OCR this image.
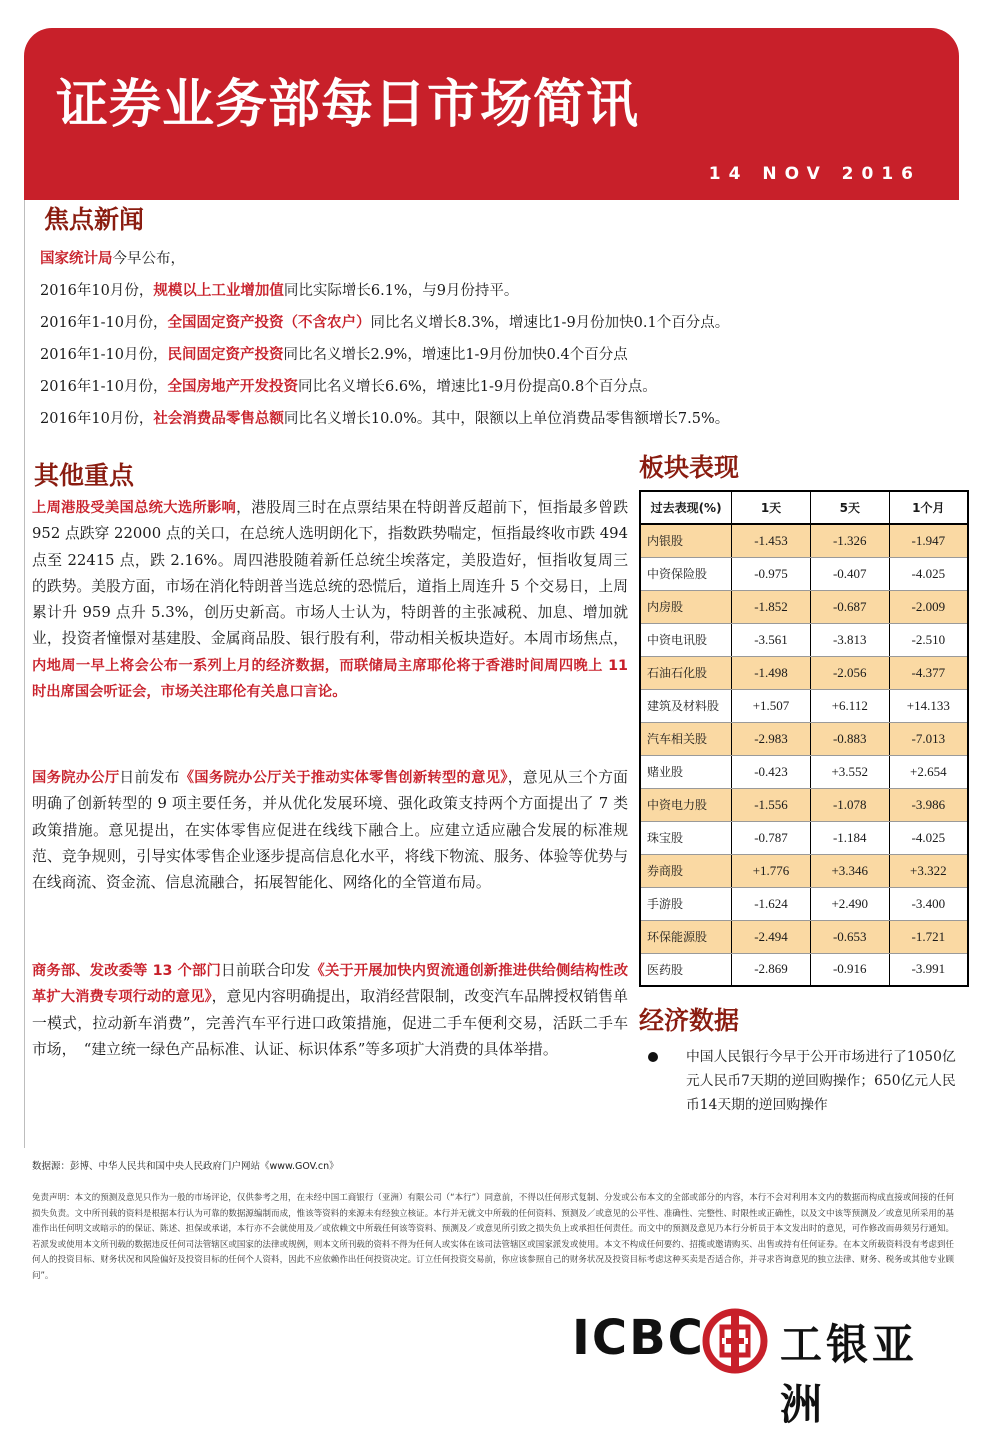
证券业务部每日市场简讯
14 NOV 2016
焦点新闻
国家统计局今早公布，
2016年10月份，规模以上工业增加值同比实际增长6.1%，与9月份持平。
2016年1-10月份，全国固定资产投资（不含农户）同比名义增长8.3%，增速比1-9月份加快0.1个百分点。
2016年1-10月份，民间固定资产投资同比名义增长2.9%，增速比1-9月份加快0.4个百分点
2016年1-10月份，全国房地产开发投资同比名义增长6.6%，增速比1-9月份提高0.8个百分点。
2016年10月份，社会消费品零售总额同比名义增长10.0%。其中，限额以上单位消费品零售额增长7.5%。
其他重点
上周港股受美国总统大选所影响，港股周三时在点票结果在特朗普反超前下，恒指最多曾跌 952 点跌穿 22000 点的关口，在总统人选明朗化下，指数跌势喘定，恒指最终收市跌 494 点至 22415 点，跌 2.16%。周四港股随着新任总统尘埃落定，美股造好，恒指收复周三的跌势。美股方面，市场在消化特朗普当选总统的恐慌后，道指上周连升 5 个交易日，上周累计升 959 点升 5.3%，创历史新高。市场人士认为，特朗普的主张减税、加息、增加就业，投资者憧憬对基建股、金属商品股、银行股有利，带动相关板块造好。本周市场焦点，内地周一早上将会公布一系列上月的经济数据，而联储局主席耶伦将于香港时间周四晚上 11 时出席国会听证会，市场关注耶伦有关息口言论。
国务院办公厅日前发布《国务院办公厅关于推动实体零售创新转型的意见》，意见从三个方面明确了创新转型的 9 项主要任务，并从优化发展环境、强化政策支持两个方面提出了 7 类政策措施。意见提出，在实体零售应促进在线线下融合上。应建立适应融合发展的标准规范、竞争规则，引导实体零售企业逐步提高信息化水平，将线下物流、服务、体验等优势与在线商流、资金流、信息流融合，拓展智能化、网络化的全管道布局。
商务部、发改委等 13 个部门日前联合印发《关于开展加快内贸流通创新推进供给侧结构性改革扩大消费专项行动的意见》，意见内容明确提出，取消经营限制，改变汽车品牌授权销售单一模式，拉动新车消费”，完善汽车平行进口政策措施，促进二手车便利交易，活跃二手车市场，　“建立统一绿色产品标准、认证、标识体系”等多项扩大消费的具体举措。
板块表现
过去表现(%)	1天	5天	1个月
内银股	-1.453	-1.326	-1.947
中资保险股	-0.975	-0.407	-4.025
内房股	-1.852	-0.687	-2.009
中资电讯股	-3.561	-3.813	-2.510
石油石化股	-1.498	-2.056	-4.377
建筑及材料股	+1.507	+6.112	+14.133
汽车相关股	-2.983	-0.883	-7.013
赌业股	-0.423	+3.552	+2.654
中资电力股	-1.556	-1.078	-3.986
珠宝股	-0.787	-1.184	-4.025
券商股	+1.776	+3.346	+3.322
手游股	-1.624	+2.490	-3.400
环保能源股	-2.494	-0.653	-1.721
医药股	-2.869	-0.916	-3.991
经济数据
中国人民银行今早于公开市场进行了1050亿元人民币7天期的逆回购操作；650亿元人民币14天期的逆回购操作
数据源：彭博、中华人民共和国中央人民政府门户网站《www.GOV.cn》
免责声明：本文的预测及意见只作为一般的市场评论，仅供参考之用，在未经中国工商银行（亚洲）有限公司（“本行”）同意前，不得以任何形式复制、分发或公布本文的全部或部分的内容，本行不会对利用本文内的数据而构成直接或间接的任何损失负责。文中所刊载的资料是根据本行认为可靠的数据源编制而成，惟该等资料的来源未有经独立核证。本行并无就文中所载的任何资料、预测及／或意见的公平性、准确性、完整性、时限性或正确性，以及文中该等预测及／或意见所采用的基准作出任何明文或暗示的的保证、陈述、担保或承诺，本行亦不会就使用及／或依赖文中所载任何该等资料、预测及／或意见所引致之损失负上或承担任何责任。而文中的预测及意见乃本行分析员于本文发出时的意见，可作修改而毋须另行通知。若派发或使用本文所刊载的数据违反任何司法管辖区或国家的法律或规例，则本文所刊载的资料不得为任何人或实体在该司法管辖区或国家派发或使用。本文不构成任何要约、招揽或邀请购买、出售或持有任何证券。在本文所载资料没有考虑到任何人的投资目标、财务状况和风险偏好及投资目标的任何个人资料，因此不应依赖作出任何投资决定。订立任何投资交易前，你应该参照自己的财务状况及投资目标考虑这种买卖是否适合你，并寻求咨询意见的独立法律、财务、税务或其他专业顾问”。
ICBC 工银亚洲
